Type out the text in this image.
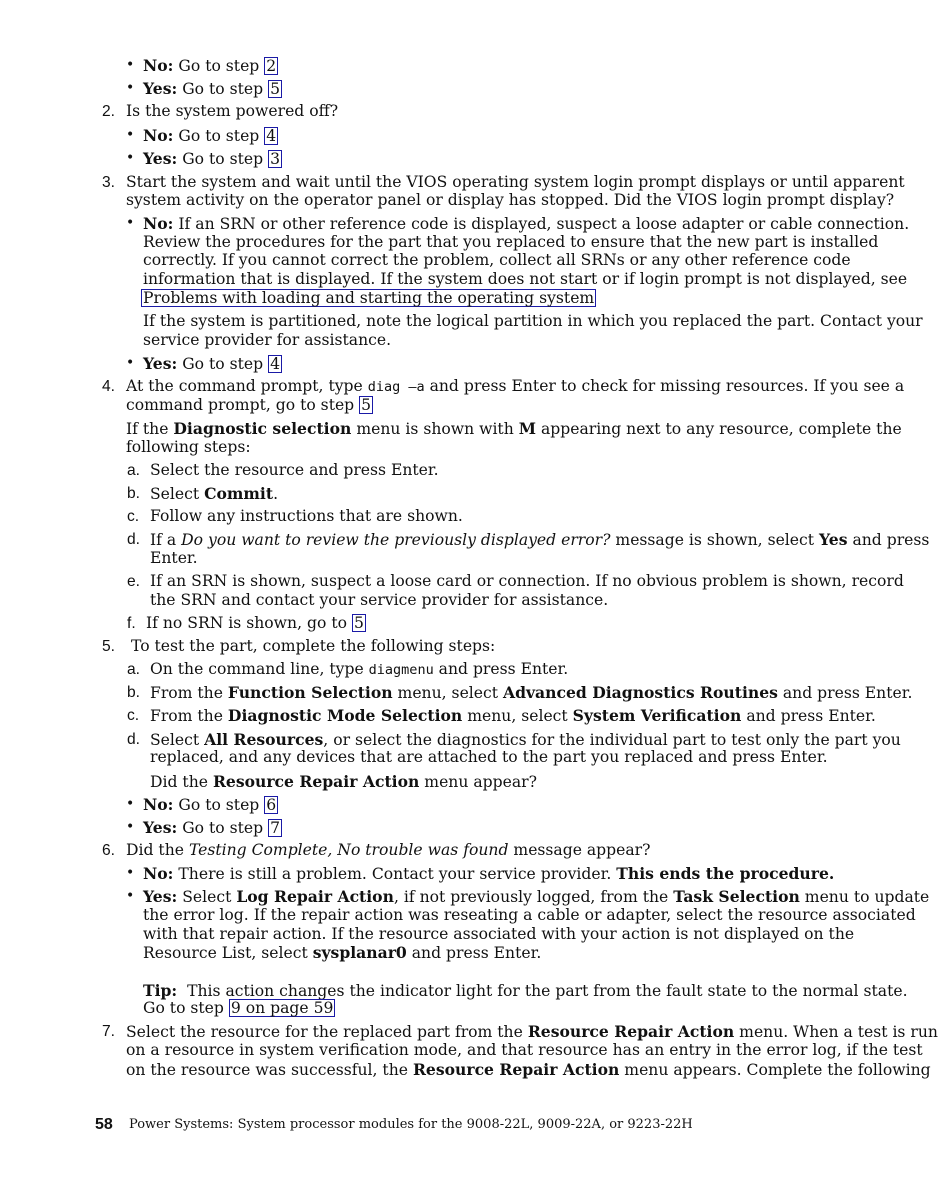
• No: Go to step 2
• Yes: Go to step 5
2. Is the system powered off?
• No: Go to step 4
• Yes: Go to step 3
3. Start the system and wait until the VIOS operating system login prompt displays or until apparent
system activity on the operator panel or display has stopped. Did the VIOS login prompt display?
• No: If an SRN or other reference code is displayed, suspect a loose adapter or cable connection.
Review the procedures for the part that you replaced to ensure that the new part is installed
correctly. If you cannot correct the problem, collect all SRNs or any other reference code
information that is displayed. If the system does not start or if login prompt is not displayed, see
Problems with loading and starting the operating system
If the system is partitioned, note the logical partition in which you replaced the part. Contact your
service provider for assistance.
• Yes: Go to step 4
4. At the command prompt, type diag –a and press Enter to check for missing resources. If you see a
command prompt, go to step 5
If the Diagnostic selection menu is shown with M appearing next to any resource, complete the
following steps:
a. Select the resource and press Enter.
b. Select Commit.
c. Follow any instructions that are shown.
d. If a Do you want to review the previously displayed error? message is shown, select Yes and press
Enter.
e. If an SRN is shown, suspect a loose card or connection. If no obvious problem is shown, record
the SRN and contact your service provider for assistance.
f. If no SRN is shown, go to 5
5. To test the part, complete the following steps:
a. On the command line, type diagmenu and press Enter.
b. From the Function Selection menu, select Advanced Diagnostics Routines and press Enter.
c. From the Diagnostic Mode Selection menu, select System Verification and press Enter.
d. Select All Resources, or select the diagnostics for the individual part to test only the part you
replaced, and any devices that are attached to the part you replaced and press Enter.
Did the Resource Repair Action menu appear?
• No: Go to step 6
• Yes: Go to step 7
6. Did the Testing Complete, No trouble was found message appear?
• No: There is still a problem. Contact your service provider. This ends the procedure.
• Yes: Select Log Repair Action, if not previously logged, from the Task Selection menu to update
the error log. If the repair action was reseating a cable or adapter, select the resource associated
with that repair action. If the resource associated with your action is not displayed on the
Resource List, select sysplanar0 and press Enter.
Tip: This action changes the indicator light for the part from the fault state to the normal state.
Go to step 9 on page 59
7. Select the resource for the replaced part from the Resource Repair Action menu. When a test is run
on a resource in system verification mode, and that resource has an entry in the error log, if the test
on the resource was successful, the Resource Repair Action menu appears. Complete the following
58 Power Systems: System processor modules for the 9008-22L, 9009-22A, or 9223-22H
